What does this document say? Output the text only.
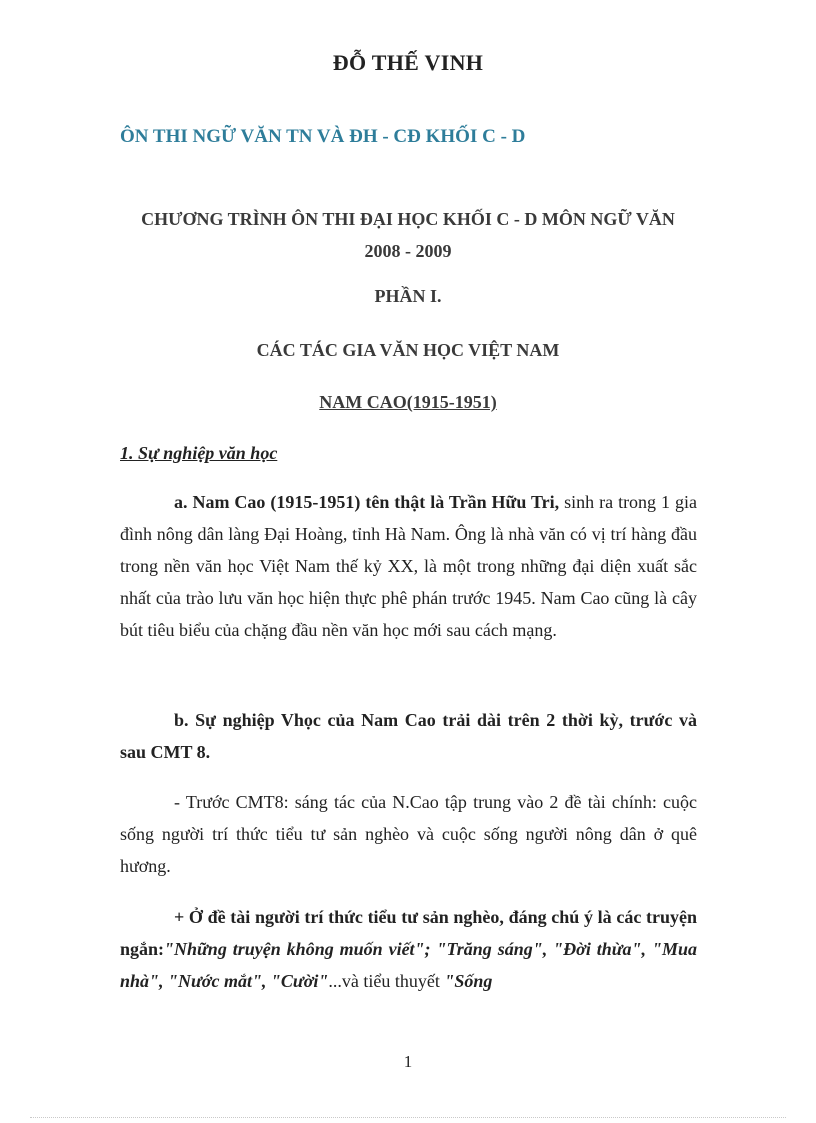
ĐỖ THẾ VINH
ÔN THI NGỮ VĂN TN VÀ ĐH - CĐ KHỐI C - D
CHƯƠNG TRÌNH ÔN THI ĐẠI HỌC KHỐI C - D MÔN NGỮ VĂN
2008 - 2009
PHẦN I.
CÁC TÁC GIA VĂN HỌC VIỆT NAM
NAM CAO(1915-1951)
1. Sự nghiệp văn học
a. Nam Cao (1915-1951) tên thật là Trần Hữu Tri, sinh ra trong 1 gia đình nông dân làng Đại Hoàng, tỉnh Hà Nam. Ông là nhà văn có vị trí hàng đầu trong nền văn học Việt Nam thế kỷ XX, là một trong những đại diện xuất sắc nhất của trào lưu văn học hiện thực phê phán trước 1945. Nam Cao cũng là cây bút tiêu biểu của chặng đầu nền văn học mới sau cách mạng.
b. Sự nghiệp Vhọc của Nam Cao trải dài trên 2 thời kỳ, trước và sau CMT 8.
- Trước CMT8: sáng tác của N.Cao tập trung vào 2 đề tài chính: cuộc sống người trí thức tiểu tư sản nghèo và cuộc sống người nông dân ở quê hương.
+ Ở đề tài người trí thức tiểu tư sản nghèo, đáng chú ý là các truyện ngắn:"Những truyện không muốn viết"; "Trăng sáng", "Đời thừa", "Mua nhà", "Nước mắt", "Cười"...và tiểu thuyết "Sống
1
